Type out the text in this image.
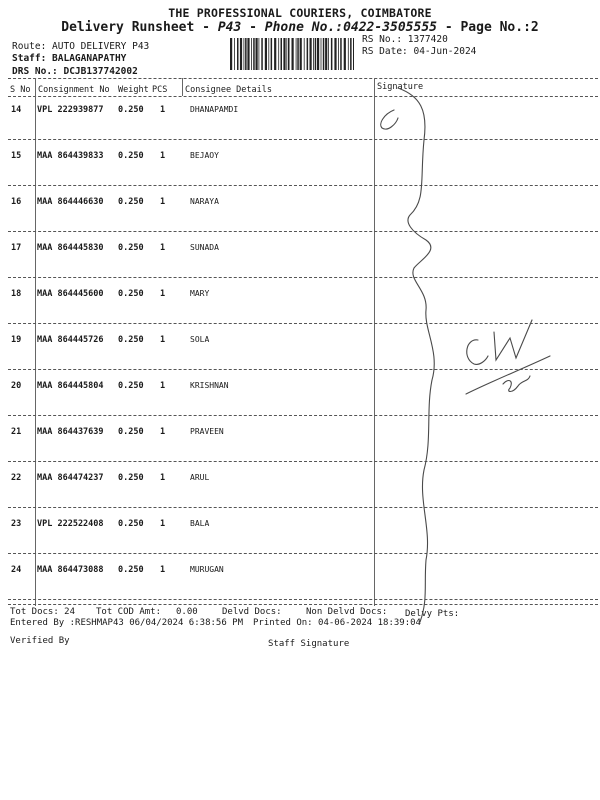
THE PROFESSIONAL COURIERS, COIMBATORE
Delivery Runsheet - P43 - Phone No.:0422-3505555 - Page No.:2
Route: AUTO DELIVERY P43
Staff: BALAGANAPATHY
DRS No.: DCJB137742002
RS No.: 1377420
RS Date: 04-Jun-2024
S No Consignment No Weight PCS Consignee Details	Signature
14 VPL 222939877 0.250 1	DHANAPAMDI
15 MAA 864439833 0.250 1	BEJAOY
16 MAA 864446630 0.250 1	NARAYA
17 MAA 864445830 0.250 1	SUNADA
18 MAA 864445600 0.250 1	MARY
19 MAA 864445726 0.250 1	SOLA
20 MAA 864445804 0.250 1	KRISHNAN
21 MAA 864437639 0.250 1	PRAVEEN
22 MAA 864474237 0.250 1	ARUL
23 VPL 222522408 0.250 1	BALA
24 MAA 864473088 0.250 1	MURUGAN
Tot Docs: 24 Tot COD Amt: 0.00	Delvd Docs:	Non Delvd Docs: Delvy Pts:
Entered By :RESHMAP43 06/04/2024 6:38:56 PM Printed On: 04-06-2024 18:39:04
Verified By	Staff Signature
